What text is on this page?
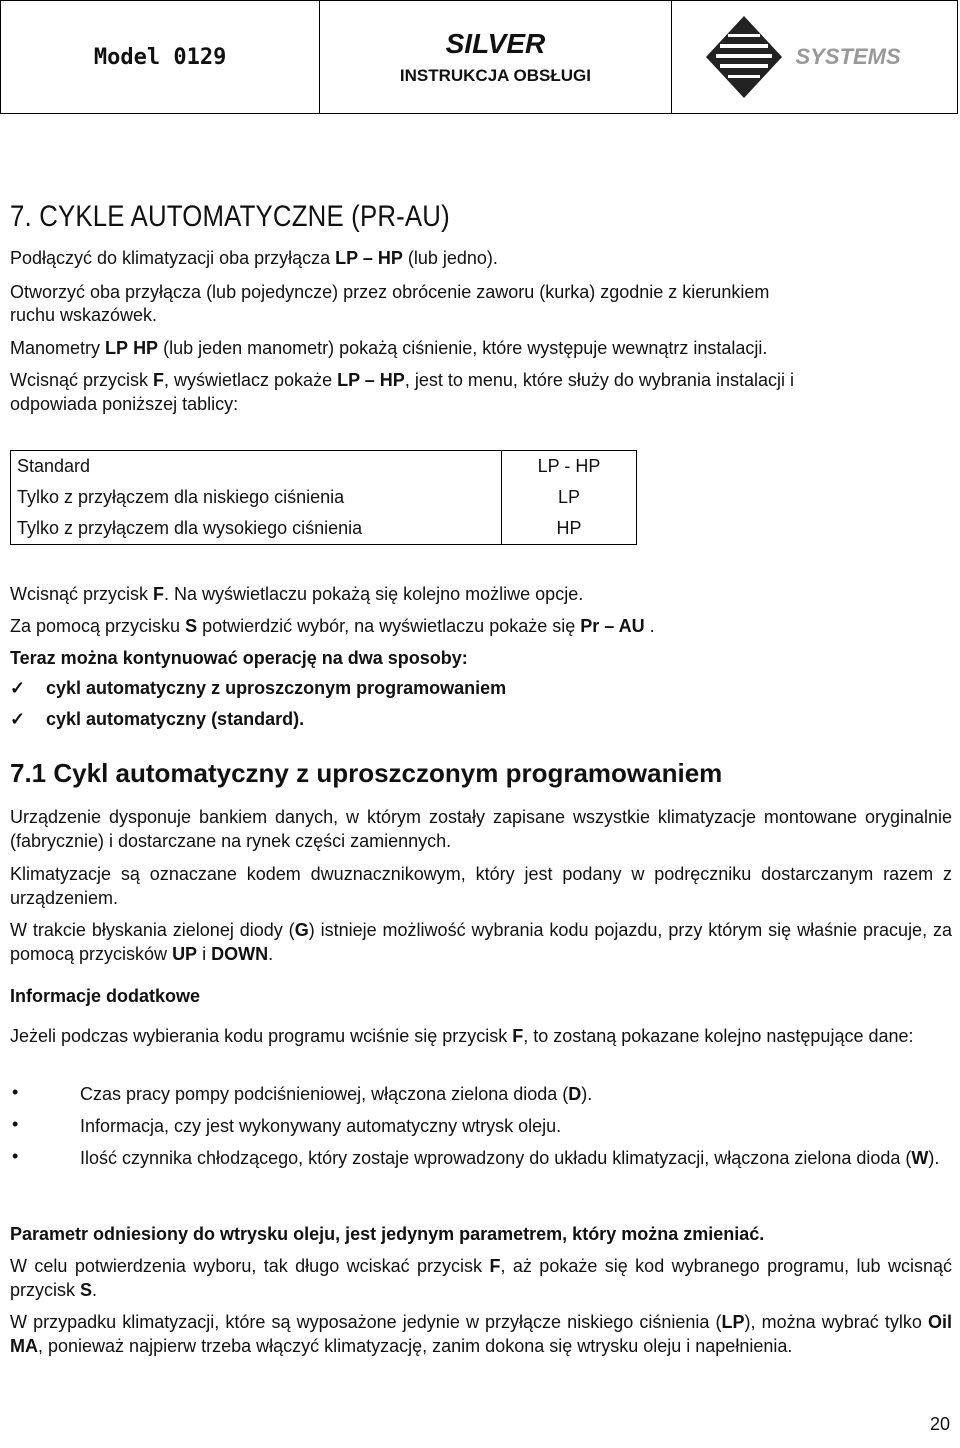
Model 0129	SILVER
INSTRUKCJA OBSŁUGI
SYSTEMS
7. CYKLE AUTOMATYCZNE (PR-AU)
Podłączyć do klimatyzacji oba przyłącza LP – HP (lub jedno).
Otworzyć oba przyłącza (lub pojedyncze) przez obrócenie zaworu (kurka) zgodnie z kierunkiem
ruchu wskazówek.
Manometry LP HP (lub jeden manometr) pokażą ciśnienie, które występuje wewnątrz instalacji.
Wcisnąć przycisk F, wyświetlacz pokaże LP – HP, jest to menu, które służy do wybrania instalacji i
odpowiada poniższej tablicy:
Standard	LP - HP
Tylko z przyłączem dla niskiego ciśnienia	LP
Tylko z przyłączem dla wysokiego ciśnienia	HP
Wcisnąć przycisk F. Na wyświetlaczu pokażą się kolejno możliwe opcje.
Za pomocą przycisku S potwierdzić wybór, na wyświetlaczu pokaże się Pr – AU .
Teraz można kontynuować operację na dwa sposoby:
✓ cykl automatyczny z uproszczonym programowaniem
✓ cykl automatyczny (standard).
7.1 Cykl automatyczny z uproszczonym programowaniem
Urządzenie dysponuje bankiem danych, w którym zostały zapisane wszystkie klimatyzacje montowane oryginalnie (fabrycznie) i dostarczane na rynek części zamiennych.
Klimatyzacje są oznaczane kodem dwuznacznikowym, który jest podany w podręczniku dostarczanym razem z urządzeniem.
W trakcie błyskania zielonej diody (G) istnieje możliwość wybrania kodu pojazdu, przy którym się właśnie pracuje, za pomocą przycisków UP i DOWN.
Informacje dodatkowe
Jeżeli podczas wybierania kodu programu wciśnie się przycisk F, to zostaną pokazane kolejno następujące dane:
•	Czas pracy pompy podciśnieniowej, włączona zielona dioda (D).
•	Informacja, czy jest wykonywany automatyczny wtrysk oleju.
•	Ilość czynnika chłodzącego, który zostaje wprowadzony do układu klimatyzacji, włączona zielona dioda (W).
Parametr odniesiony do wtrysku oleju, jest jedynym parametrem, który można zmieniać.
W celu potwierdzenia wyboru, tak długo wciskać przycisk F, aż pokaże się kod wybranego programu, lub wcisnąć przycisk S.
W przypadku klimatyzacji, które są wyposażone jedynie w przyłącze niskiego ciśnienia (LP), można wybrać tylko Oil MA, ponieważ najpierw trzeba włączyć klimatyzację, zanim dokona się wtrysku oleju i napełnienia.
20
